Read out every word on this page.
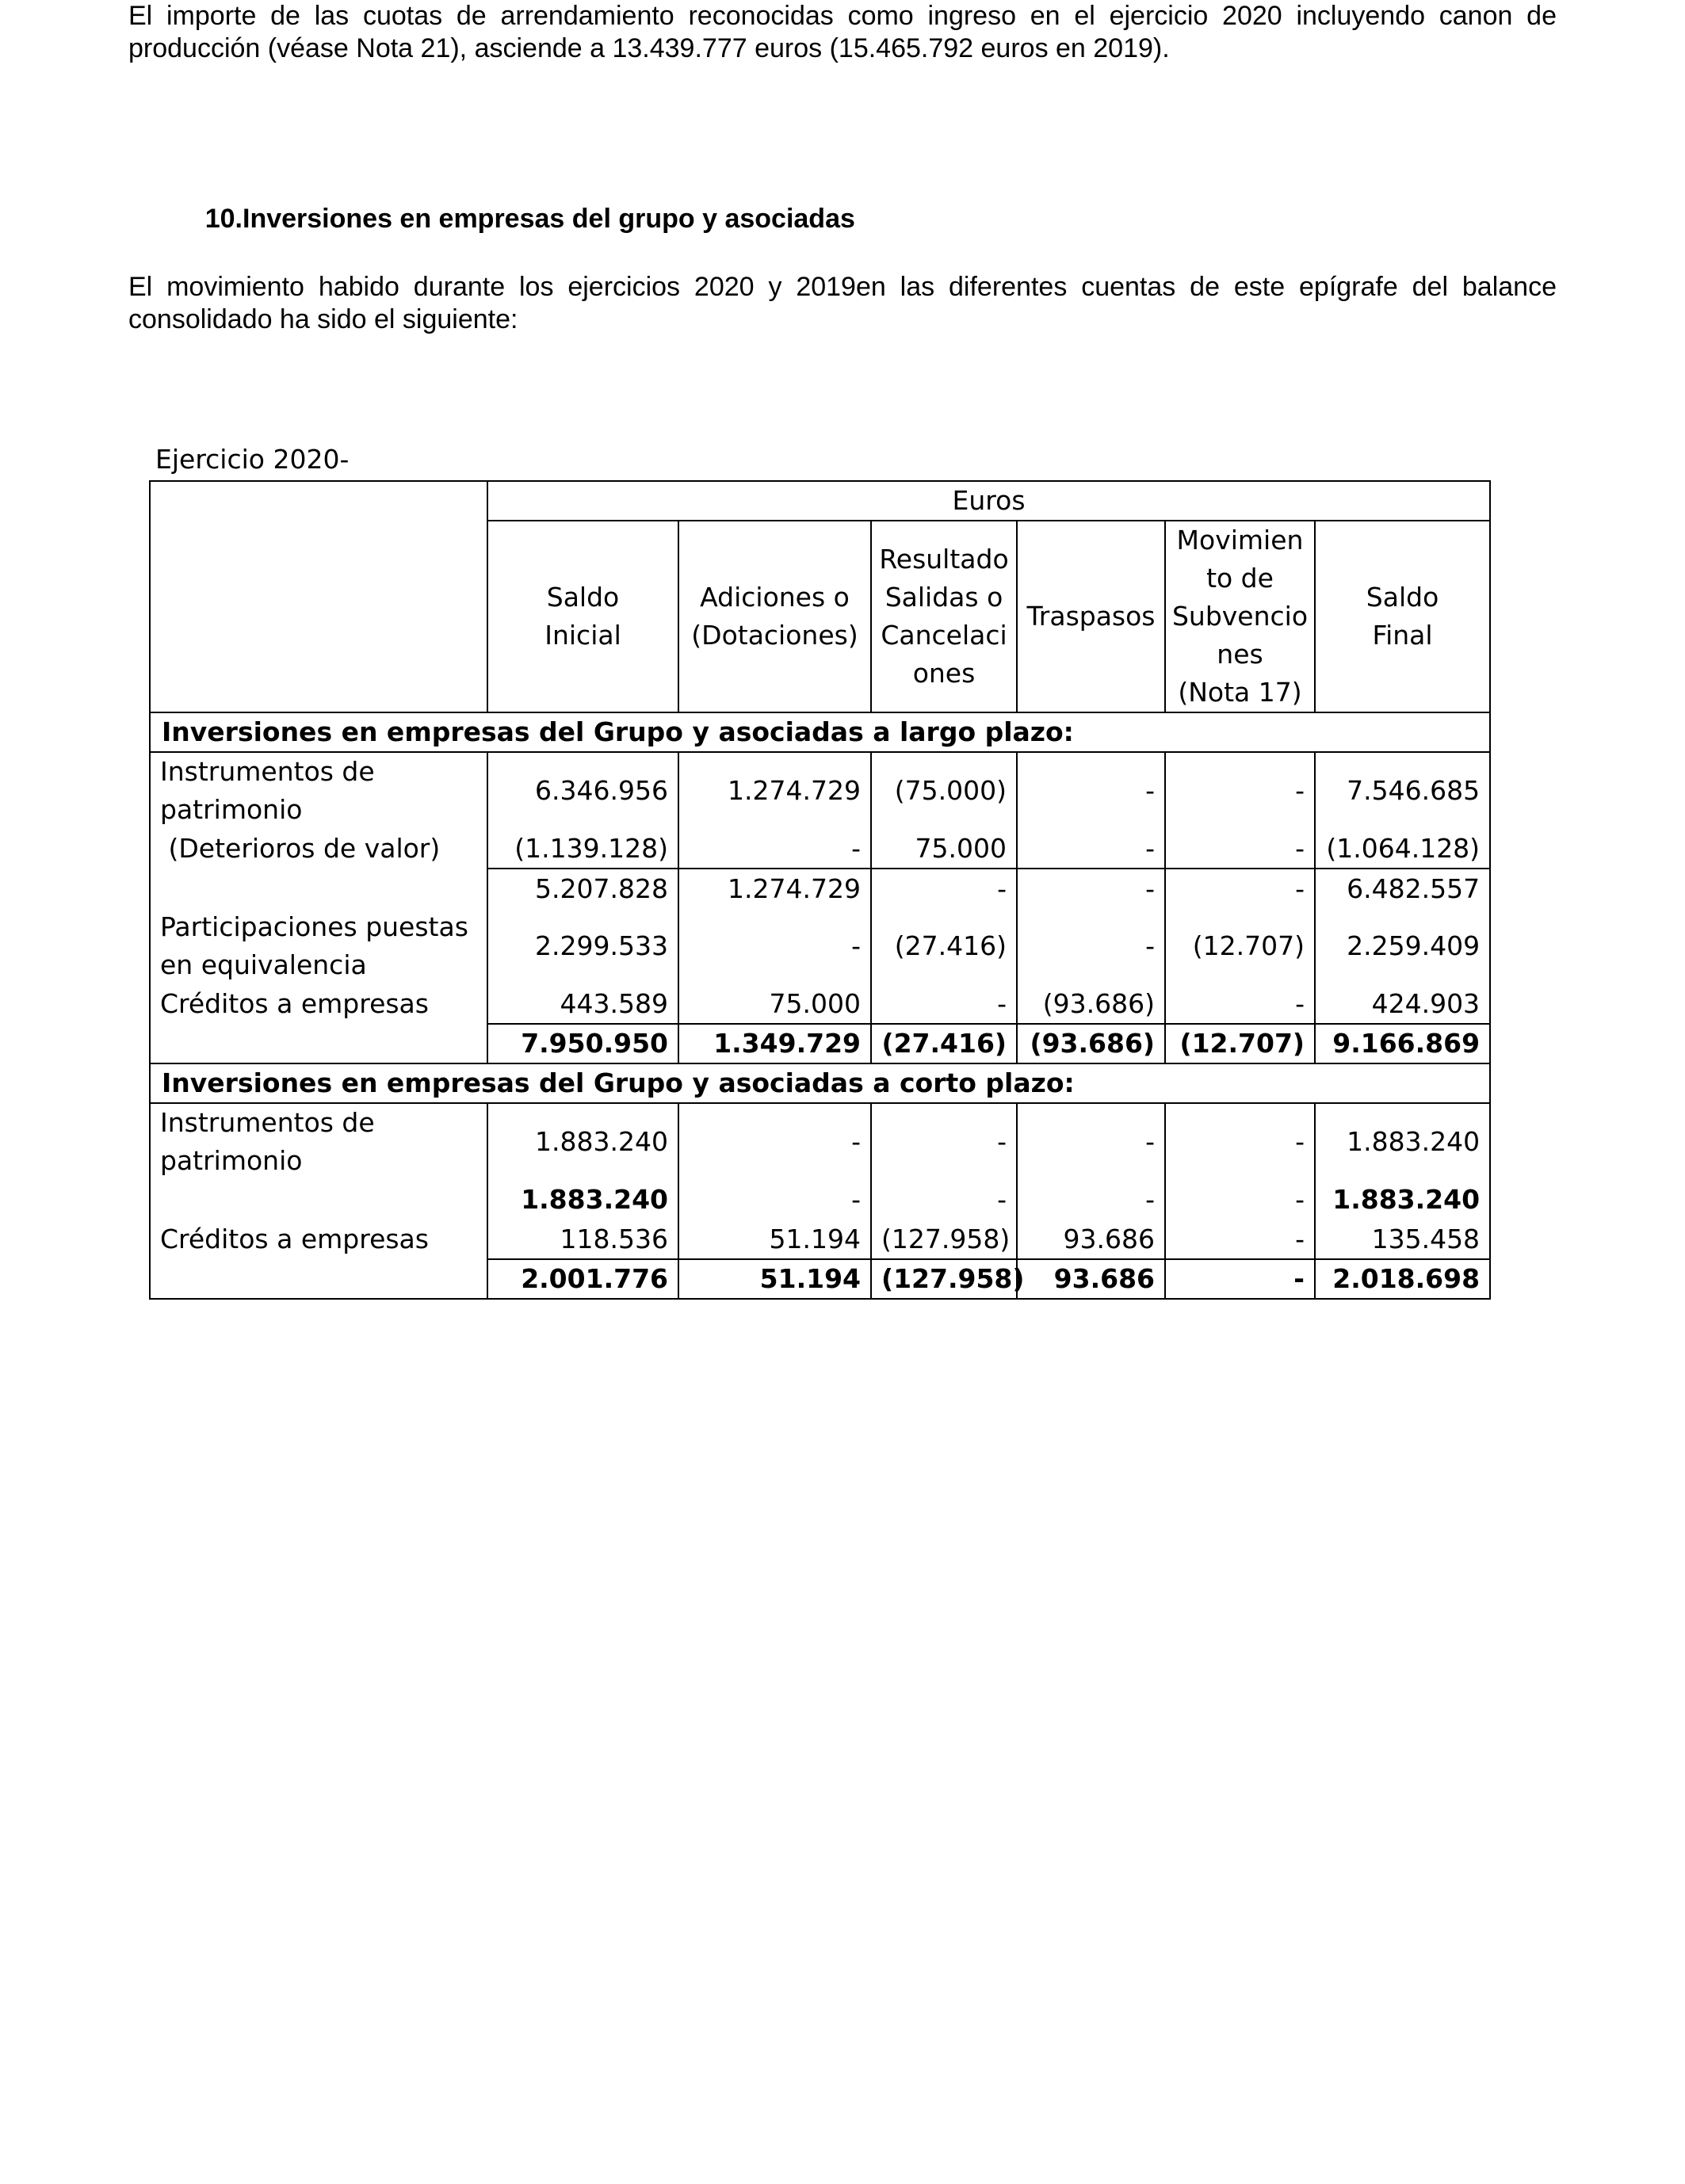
El importe de las cuotas de arrendamiento reconocidas como ingreso en el ejercicio 2020 incluyendo canon de producción (véase Nota 21), asciende a 13.439.777 euros (15.465.792 euros en 2019).

10.Inversiones en empresas del grupo y asociadas

El movimiento habido durante los ejercicios 2020 y 2019en las diferentes cuentas de este epígrafe del balance consolidado ha sido el siguiente:

Ejercicio 2020-
	Euros					
	Saldo
Inicial	Adiciones o
(Dotaciones)	Resultado
Salidas o
Cancelaci
ones	Traspasos	Movimien
to de
Subvencio
nes
(Nota 17)	Saldo
Final
Inversiones en empresas del Grupo y asociadas a largo plazo:						
Instrumentos de patrimonio	6.346.956	1.274.729	(75.000)	-	-	7.546.685
(Deterioros de valor)	(1.139.128)	-	75.000	-	-	(1.064.128)
	5.207.828	1.274.729	-	-	-	6.482.557
Participaciones puestas en equivalencia	2.299.533	-	(27.416)	-	(12.707)	2.259.409
Créditos a empresas	443.589	75.000	-	(93.686)	-	424.903
	7.950.950	1.349.729	(27.416)	(93.686)	(12.707)	9.166.869
Inversiones en empresas del Grupo y asociadas a corto plazo:						
Instrumentos de patrimonio	1.883.240	-	-	-	-	1.883.240
	1.883.240	-	-	-	-	1.883.240
Créditos a empresas	118.536	51.194	(127.958)	93.686	-	135.458
	2.001.776	51.194	(127.958)	93.686	-	2.018.698
